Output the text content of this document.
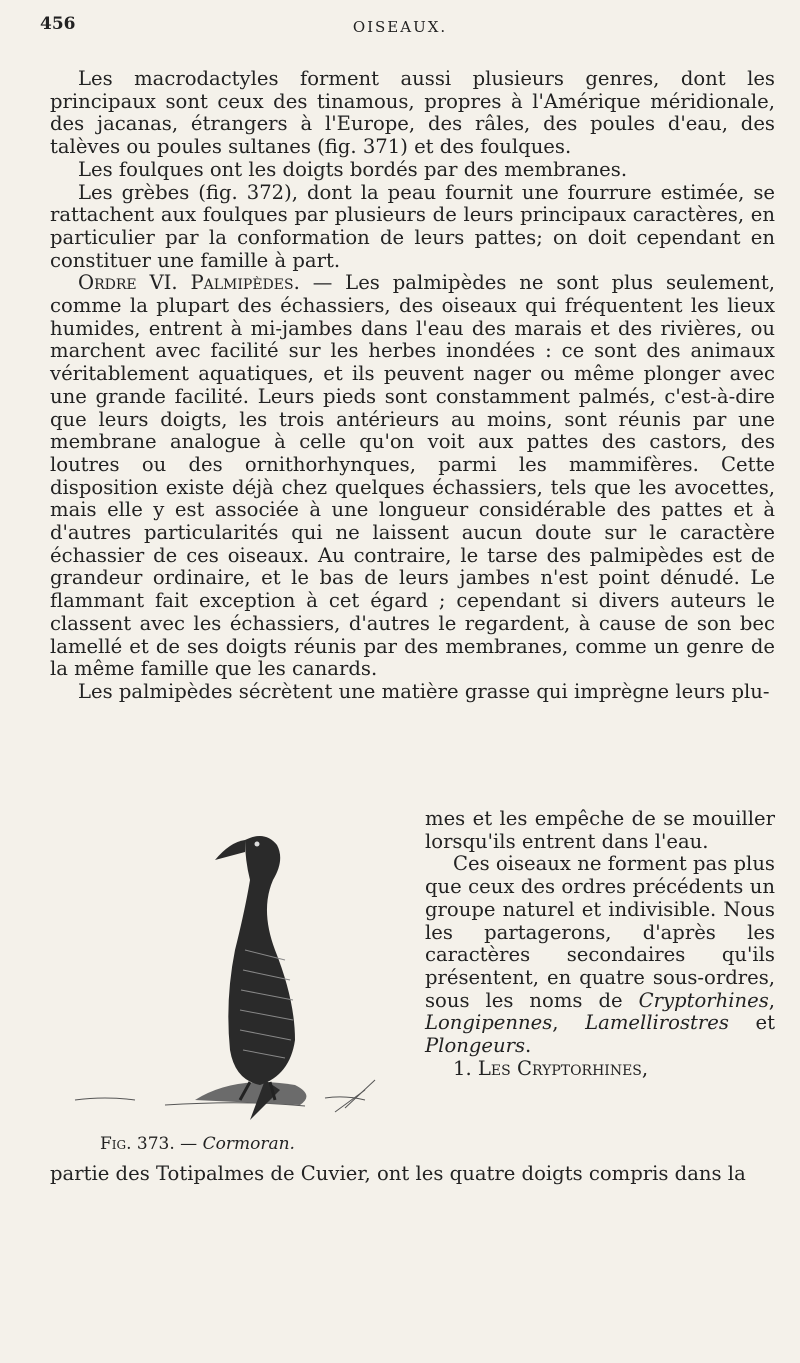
456	OISEAUX.

Les macrodactyles forment aussi plusieurs genres, dont les principaux sont ceux des tinamous, propres à l'Amérique méridionale, des jacanas, étrangers à l'Europe, des râles, des poules d'eau, des talèves ou poules sultanes (fig. 371) et des foulques.

Les foulques ont les doigts bordés par des membranes.

Les grèbes (fig. 372), dont la peau fournit une fourrure estimée, se rattachent aux foulques par plusieurs de leurs principaux caractères, en particulier par la conformation de leurs pattes; on doit cependant en constituer une famille à part.

Ordre VI. Palmipèdes. — Les palmipèdes ne sont plus seulement, comme la plupart des échassiers, des oiseaux qui fréquentent les lieux humides, entrent à mi-jambes dans l'eau des marais et des rivières, ou marchent avec facilité sur les herbes inondées : ce sont des animaux véritablement aquatiques, et ils peuvent nager ou même plonger avec une grande facilité. Leurs pieds sont constamment palmés, c'est-à-dire que leurs doigts, les trois antérieurs au moins, sont réunis par une membrane analogue à celle qu'on voit aux pattes des castors, des loutres ou des ornithorhynques, parmi les mammifères. Cette disposition existe déjà chez quelques échassiers, tels que les avocettes, mais elle y est associée à une longueur considérable des pattes et à d'autres particularités qui ne laissent aucun doute sur le caractère échassier de ces oiseaux. Au contraire, le tarse des palmipèdes est de grandeur ordinaire, et le bas de leurs jambes n'est point dénudé. Le flammant fait exception à cet égard ; cependant si divers auteurs le classent avec les échassiers, d'autres le regardent, à cause de son bec lamellé et de ses doigts réunis par des membranes, comme un genre de la même famille que les canards.

Les palmipèdes sécrètent une matière grasse qui imprègne leurs plu-

mes et les empêche de se mouiller lorsqu'ils entrent dans l'eau.

Ces oiseaux ne forment pas plus que ceux des ordres précédents un groupe naturel et indivisible. Nous les partagerons, d'après les caractères secondaires qu'ils présentent, en quatre sous-ordres, sous les noms de Cryptorhines, Longipennes, Lamellirostres et Plongeurs.

1. Les Cryptorhines,

Fig. 373. — Cormoran.
partie des Totipalmes de Cuvier, ont les quatre doigts compris dans la
